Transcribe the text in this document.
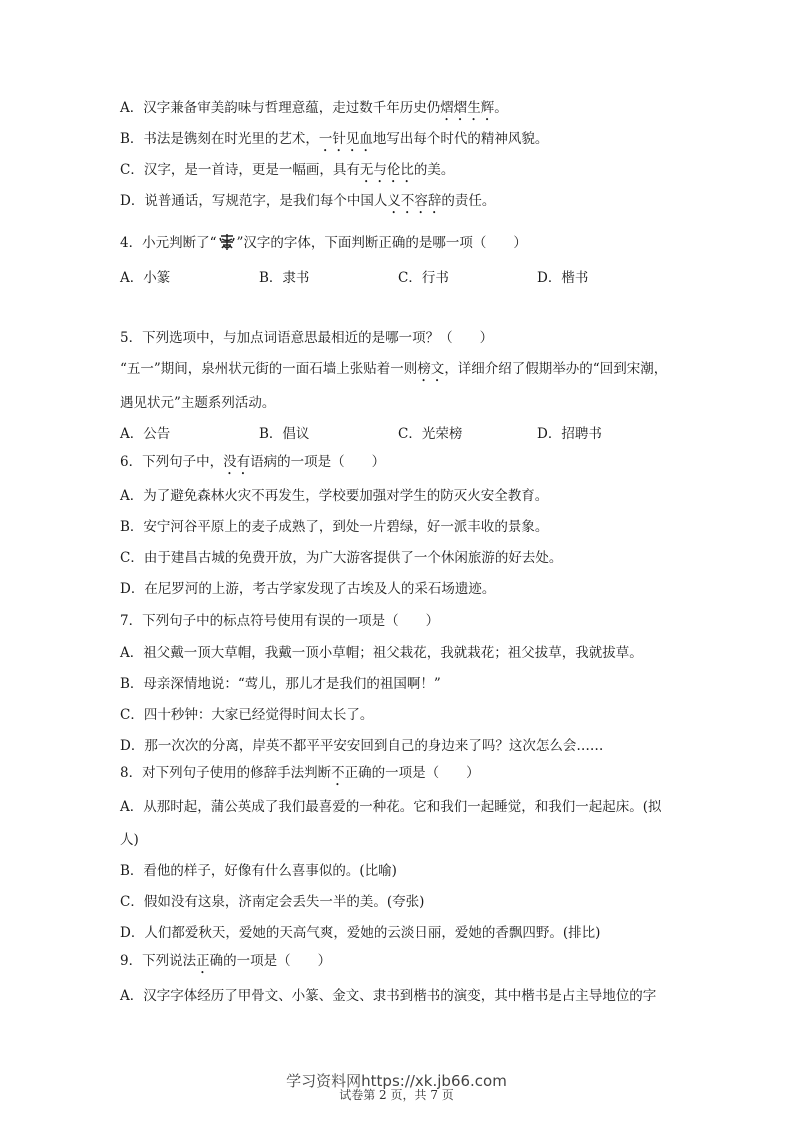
A．汉字兼备审美韵味与哲理意蕴，走过数千年历史仍熠熠生辉。
B．书法是镌刻在时光里的艺术，一针见血地写出每个时代的精神风貌。
C．汉字，是一首诗，更是一幅画，具有无与伦比的美。
D．说普通话，写规范字，是我们每个中国人义不容辞的责任。
4．小元判断了“ ”汉字的字体，下面判断正确的是哪一项（　　）
A．小篆	B．隶书	C．行书	D．楷书
5．下列选项中，与加点词语意思最相近的是哪一项？（　　）
“五一”期间，泉州状元街的一面石墙上张贴着一则榜文，详细介绍了假期举办的“回到宋潮，
遇见状元”主题系列活动。
A．公告	B．倡议	C．光荣榜	D．招聘书
6．下列句子中，没有语病的一项是（　　）
A．为了避免森林火灾不再发生，学校要加强对学生的防灭火安全教育。
B．安宁河谷平原上的麦子成熟了，到处一片碧绿，好一派丰收的景象。
C．由于建昌古城的免费开放，为广大游客提供了一个休闲旅游的好去处。
D．在尼罗河的上游，考古学家发现了古埃及人的采石场遗迹。
7．下列句子中的标点符号使用有误的一项是（　　）
A．祖父戴一顶大草帽，我戴一顶小草帽；祖父栽花，我就栽花；祖父拔草，我就拔草。
B．母亲深情地说：“莺儿，那儿才是我们的祖国啊！”
C．四十秒钟：大家已经觉得时间太长了。
D．那一次次的分离，岸英不都平平安安回到自己的身边来了吗？这次怎么会……
8．对下列句子使用的修辞手法判断不正确的一项是（　　）
A．从那时起，蒲公英成了我们最喜爱的一种花。它和我们一起睡觉，和我们一起起床。(拟
人)
B．看他的样子，好像有什么喜事似的。(比喻)
C．假如没有这泉，济南定会丢失一半的美。(夸张)
D．人们都爱秋天，爱她的天高气爽，爱她的云淡日丽，爱她的香飘四野。(排比)
9．下列说法正确的一项是（　　）
A．汉字字体经历了甲骨文、小篆、金文、隶书到楷书的演变，其中楷书是占主导地位的字
学习资料网https://xk.jb66.com
试卷第 2 页，共 7 页
